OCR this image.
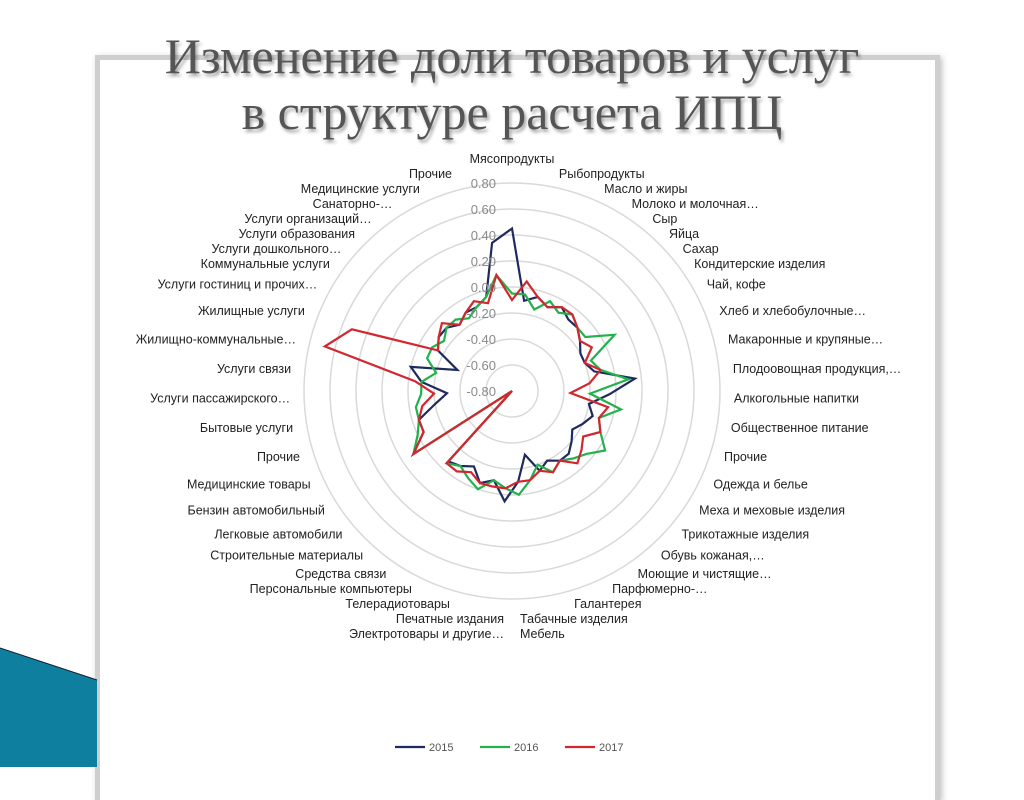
Изменение доли товаров и услуг
в структуре расчета ИПЦ
Мясопродукты
Рыбопродукты
Масло и жиры
Молоко и молочная…
Сыр
Яйца
Сахар
Кондитерские изделия
Чай, кофе
Хлеб и хлебобулочные…
Макаронные и крупяные…
Плодоовощная продукция,…
Алкогольные напитки
Общественное питание
Прочие
Одежда и белье
Меха и меховые изделия
Трикотажные изделия
Обувь кожаная,…
Моющие и чистящие…
Парфюмерно-…
Галантерея
Табачные изделия
Мебель
Электротовары и другие…
Печатные издания
Телерадиотовары
Персональные компьютеры
Средства связи
Строительные материалы
Легковые автомобили
Бензин автомобильный
Медицинские товары
Прочие
Бытовые услуги
Услуги пассажирского…
Услуги связи
Жилищно-коммунальные…
Жилищные услуги
Услуги гостиниц и прочих…
Коммунальные услуги
Услуги дошкольного…
Услуги образования
Услуги организаций…
Санаторно-…
Медицинские услуги
Прочие
-0.80
-0.60
-0.40
-0.20
0.00
0.20
0.40
0.60
0.80
2015	2016	2017
